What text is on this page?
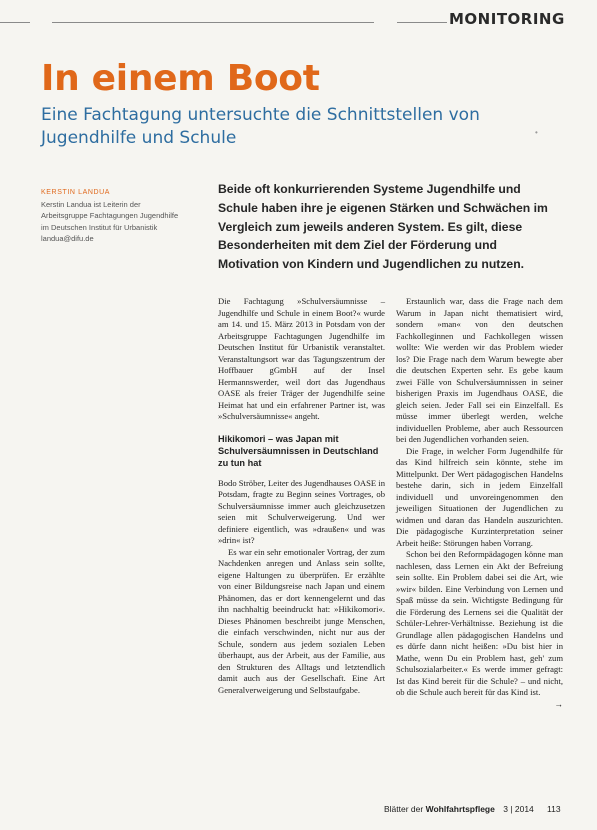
MONITORING
In einem Boot
Eine Fachtagung untersuchte die Schnittstellen von Jugendhilfe und Schule	•
KERSTIN LANDUA
Kerstin Landua ist Leiterin der Arbeitsgruppe Fachtagungen Jugendhilfe im Deutschen Institut für Urbanistik
landua@difu.de
Beide oft konkurrierenden Systeme Jugendhilfe und Schule haben ihre je eigenen Stärken und Schwächen im Vergleich zum jeweils anderen System. Es gilt, diese Besonderheiten mit dem Ziel der Förderung und Motivation von Kindern und Jugendlichen zu nutzen.

Die Fachtagung »Schulversäumnisse – Jugendhilfe und Schule in einem Boot?« wurde am 14. und 15. März 2013 in Potsdam von der Arbeitsgruppe Fachtagungen Jugendhilfe im Deutschen Institut für Urbanistik veranstaltet. Veranstaltungsort war das Tagungszentrum der Hoffbauer gGmbH auf der Insel Hermannswerder, weil dort das Jugendhaus OASE als freier Träger der Jugendhilfe seine Heimat hat und ein erfahrener Partner ist, was »Schulversäumnisse« angeht.

Hikikomori – was Japan mit Schulversäumnissen in Deutschland zu tun hat

Bodo Ströber, Leiter des Jugendhauses OASE in Potsdam, fragte zu Beginn seines Vortrages, ob Schulversäumnisse immer auch gleichzusetzen seien mit Schulverweigerung. Und wer definiere eigentlich, was »draußen« und was »drin« ist?

Es war ein sehr emotionaler Vortrag, der zum Nachdenken anregen und Anlass sein sollte, eigene Haltungen zu überprüfen. Er erzählte von einer Bildungsreise nach Japan und einem Phänomen, das er dort kennengelernt und das ihn nachhaltig beeindruckt hat: »Hikikomori«. Dieses Phänomen beschreibt junge Menschen, die einfach verschwinden, nicht nur aus der Schule, sondern aus jedem sozialen Leben überhaupt, aus der Arbeit, aus der Familie, aus den Strukturen des Alltags und letztendlich damit auch aus der Gesellschaft. Eine Art Generalverweigerung und Selbstaufgabe.

Erstaunlich war, dass die Frage nach dem Warum in Japan nicht thematisiert wird, sondern »man« von den deutschen Fachkolleginnen und Fachkollegen wissen wollte: Wie werden wir das Problem wieder los? Die Frage nach dem Warum bewegte aber die deutschen Experten sehr. Es gebe kaum zwei Fälle von Schulversäumnissen in seiner bisherigen Praxis im Jugendhaus OASE, die gleich seien. Jeder Fall sei ein Einzelfall. Es müsse immer überlegt werden, welche individuellen Probleme, aber auch Ressourcen bei den Jugendlichen vorhanden seien.

Die Frage, in welcher Form Jugendhilfe für das Kind hilfreich sein könnte, stehe im Mittelpunkt. Der Wert pädagogischen Handelns bestehe darin, sich in jedem Einzelfall individuell und unvoreingenommen den jeweiligen Situationen der Jugendlichen zu widmen und daran das Handeln auszurichten. Die pädagogische Kurzinterpretation seiner Arbeit heiße: Störungen haben Vorrang.

Schon bei den Reformpädagogen könne man nachlesen, dass Lernen ein Akt der Befreiung sein sollte. Ein Problem dabei sei die Art, wie »wir« bilden. Eine Verbindung von Lernen und Spaß müsse da sein. Wichtigste Bedingung für die Förderung des Lernens sei die Qualität der Schüler-Lehrer-Verhältnisse. Beziehung ist die Grundlage allen pädagogischen Handelns und es dürfe dann nicht heißen: »Du bist hier in Mathe, wenn Du ein Problem hast, geh' zum Schulsozialarbeiter.« Es werde immer gefragt: Ist das Kind bereit für die Schule? – und nicht, ob die Schule auch bereit für das Kind ist.

→
Blätter der Wohlfahrtspflege 3 | 2014 113
